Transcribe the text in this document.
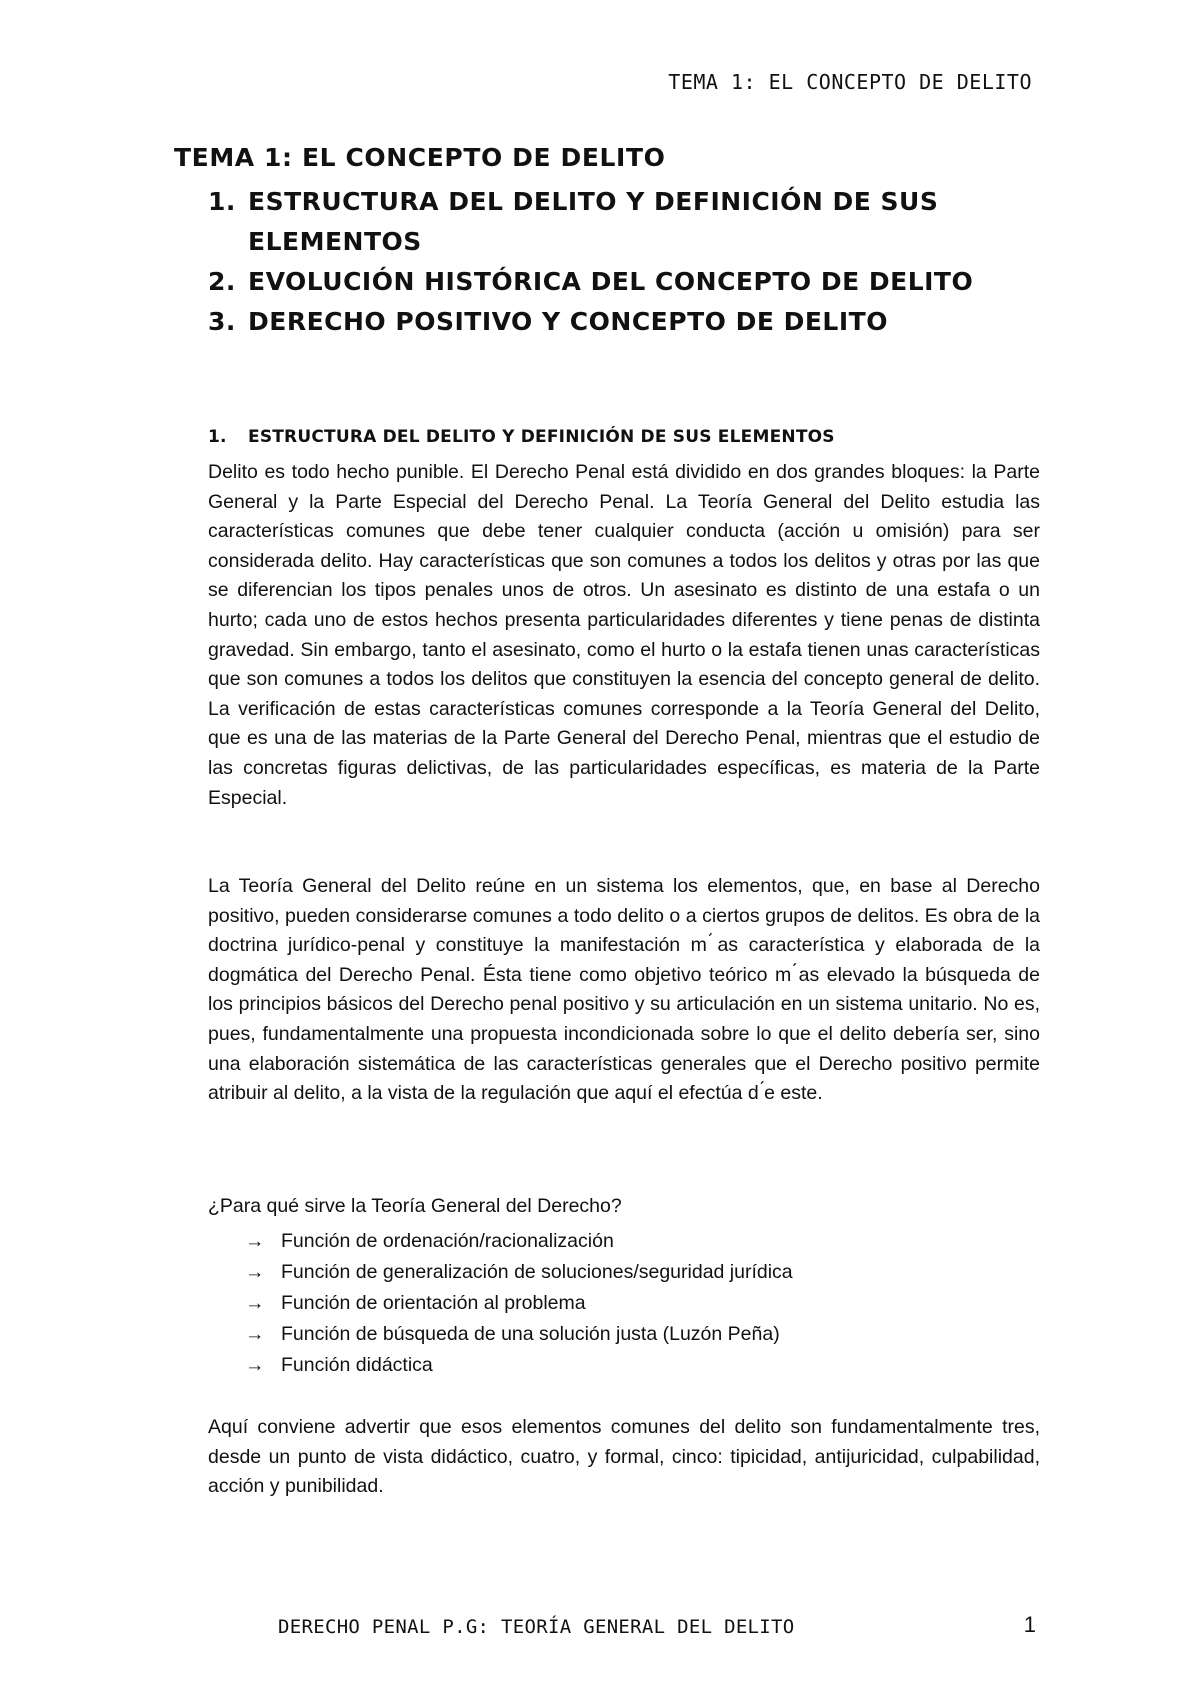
TEMA 1: EL CONCEPTO DE DELITO
TEMA 1: EL CONCEPTO DE DELITO
1. ESTRUCTURA DEL DELITO Y DEFINICIÓN DE SUS ELEMENTOS
2. EVOLUCIÓN HISTÓRICA DEL CONCEPTO DE DELITO
3. DERECHO POSITIVO Y CONCEPTO DE DELITO
1. ESTRUCTURA DEL DELITO Y DEFINICIÓN DE SUS ELEMENTOS

Delito es todo hecho punible. El Derecho Penal está dividido en dos grandes bloques: la Parte General y la Parte Especial del Derecho Penal. La Teoría General del Delito estudia las características comunes que debe tener cualquier conducta (acción u omisión) para ser considerada delito. Hay características que son comunes a todos los delitos y otras por las que se diferencian los tipos penales unos de otros. Un asesinato es distinto de una estafa o un hurto; cada uno de estos hechos presenta particularidades diferentes y tiene penas de distinta gravedad. Sin embargo, tanto el asesinato, como el hurto o la estafa tienen unas características que son comunes a todos los delitos que constituyen la esencia del concepto general de delito. La verificación de estas características comunes corresponde a la Teoría General del Delito, que es una de las materias de la Parte General del Derecho Penal, mientras que el estudio de las concretas figuras delictivas, de las particularidades específicas, es materia de la Parte Especial.

La Teoría General del Delito reúne en un sistema los elementos, que, en base al Derecho positivo, pueden considerarse comunes a todo delito o a ciertos grupos de delitos. Es obra de la doctrina jurídico-penal y constituye la manifestación m ́as característica y elaborada de la dogmática del Derecho Penal. Ésta tiene como objetivo teórico m ́as elevado la búsqueda de los principios básicos del Derecho penal positivo y su articulación en un sistema unitario. No es, pues, fundamentalmente una propuesta incondicionada sobre lo que el delito debería ser, sino una elaboración sistemática de las características generales que el Derecho positivo permite atribuir al delito, a la vista de la regulación que aquí el efectúa d ́e este.

¿Para qué sirve la Teoría General del Derecho?
→ Función de ordenación/racionalización
→ Función de generalización de soluciones/seguridad jurídica
→ Función de orientación al problema
→ Función de búsqueda de una solución justa (Luzón Peña)
→ Función didáctica

Aquí conviene advertir que esos elementos comunes del delito son fundamentalmente tres, desde un punto de vista didáctico, cuatro, y formal, cinco: tipicidad, antijuricidad, culpabilidad, acción y punibilidad.

DERECHO PENAL P.G: TEORÍA GENERAL DEL DELITO	1
